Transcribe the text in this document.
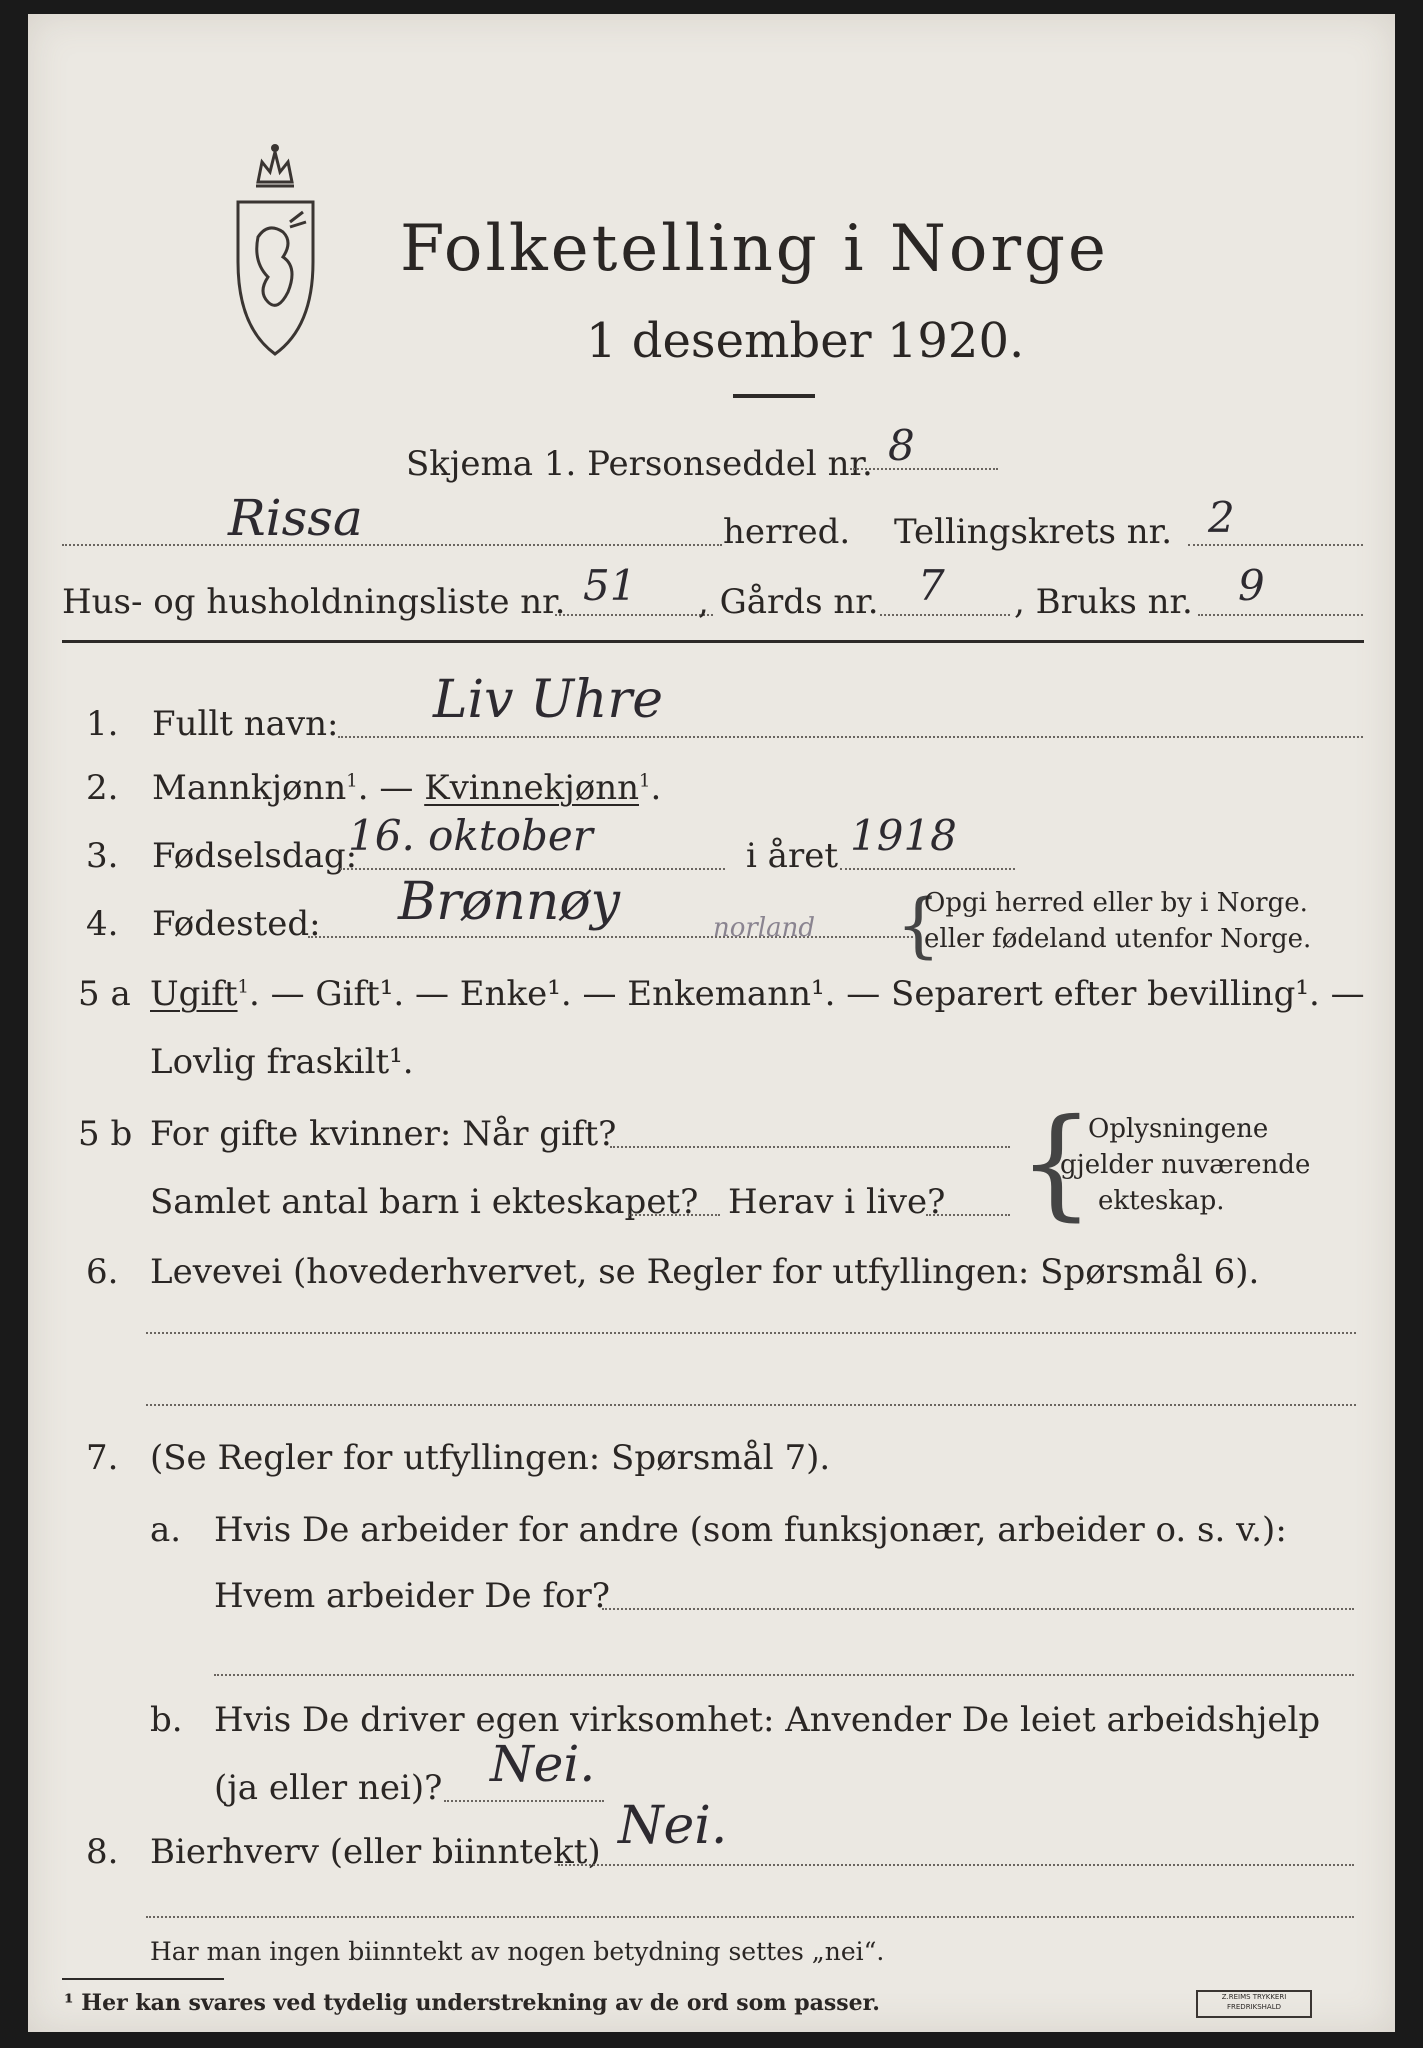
Folketelling i Norge
1 desember 1920.
Skjema 1. Personseddel nr. 8
Rissa	herred. Tellingskrets nr. 2
Hus- og husholdningsliste nr. 51 , Gårds nr. 7 , Bruks nr. 9
1. Fullt navn: Liv Uhre
2. Mannkjønn$^1$. — Kvinnekjønn$^1$.
3. Fødselsdag:
16. oktober	i året 1918
4. Fødested: Brønnøy	norland {
Opgi herred eller by i Norge.
eller fødeland utenfor Norge.
5 a Ugift$^1$. — Gift¹. — Enke¹. — Enkemann¹. — Separert efter bevilling¹. —
Lovlig fraskilt¹.
5 b For gifte kvinner: Når gift?
Samlet antal barn i ekteskapet? Herav i live? {
Oplysningene
gjelder nuværende
ekteskap.
6. Levevei (hovederhvervet, se Regler for utfyllingen: Spørsmål 6).
7. (Se Regler for utfyllingen: Spørsmål 7).
a. Hvis De arbeider for andre (som funksjonær, arbeider o. s. v.):
Hvem arbeider De for?
b. Hvis De driver egen virksomhet: Anvender De leiet arbeidshjelp
(ja eller nei)? Nei.
8. Bierhverv (eller biinntekt) Nei.
Har man ingen biinntekt av nogen betydning settes „nei“.
¹ Her kan svares ved tydelig understrekning av de ord som passer.	Z.REIMS TRYKKERI
FREDRIKSHALD
